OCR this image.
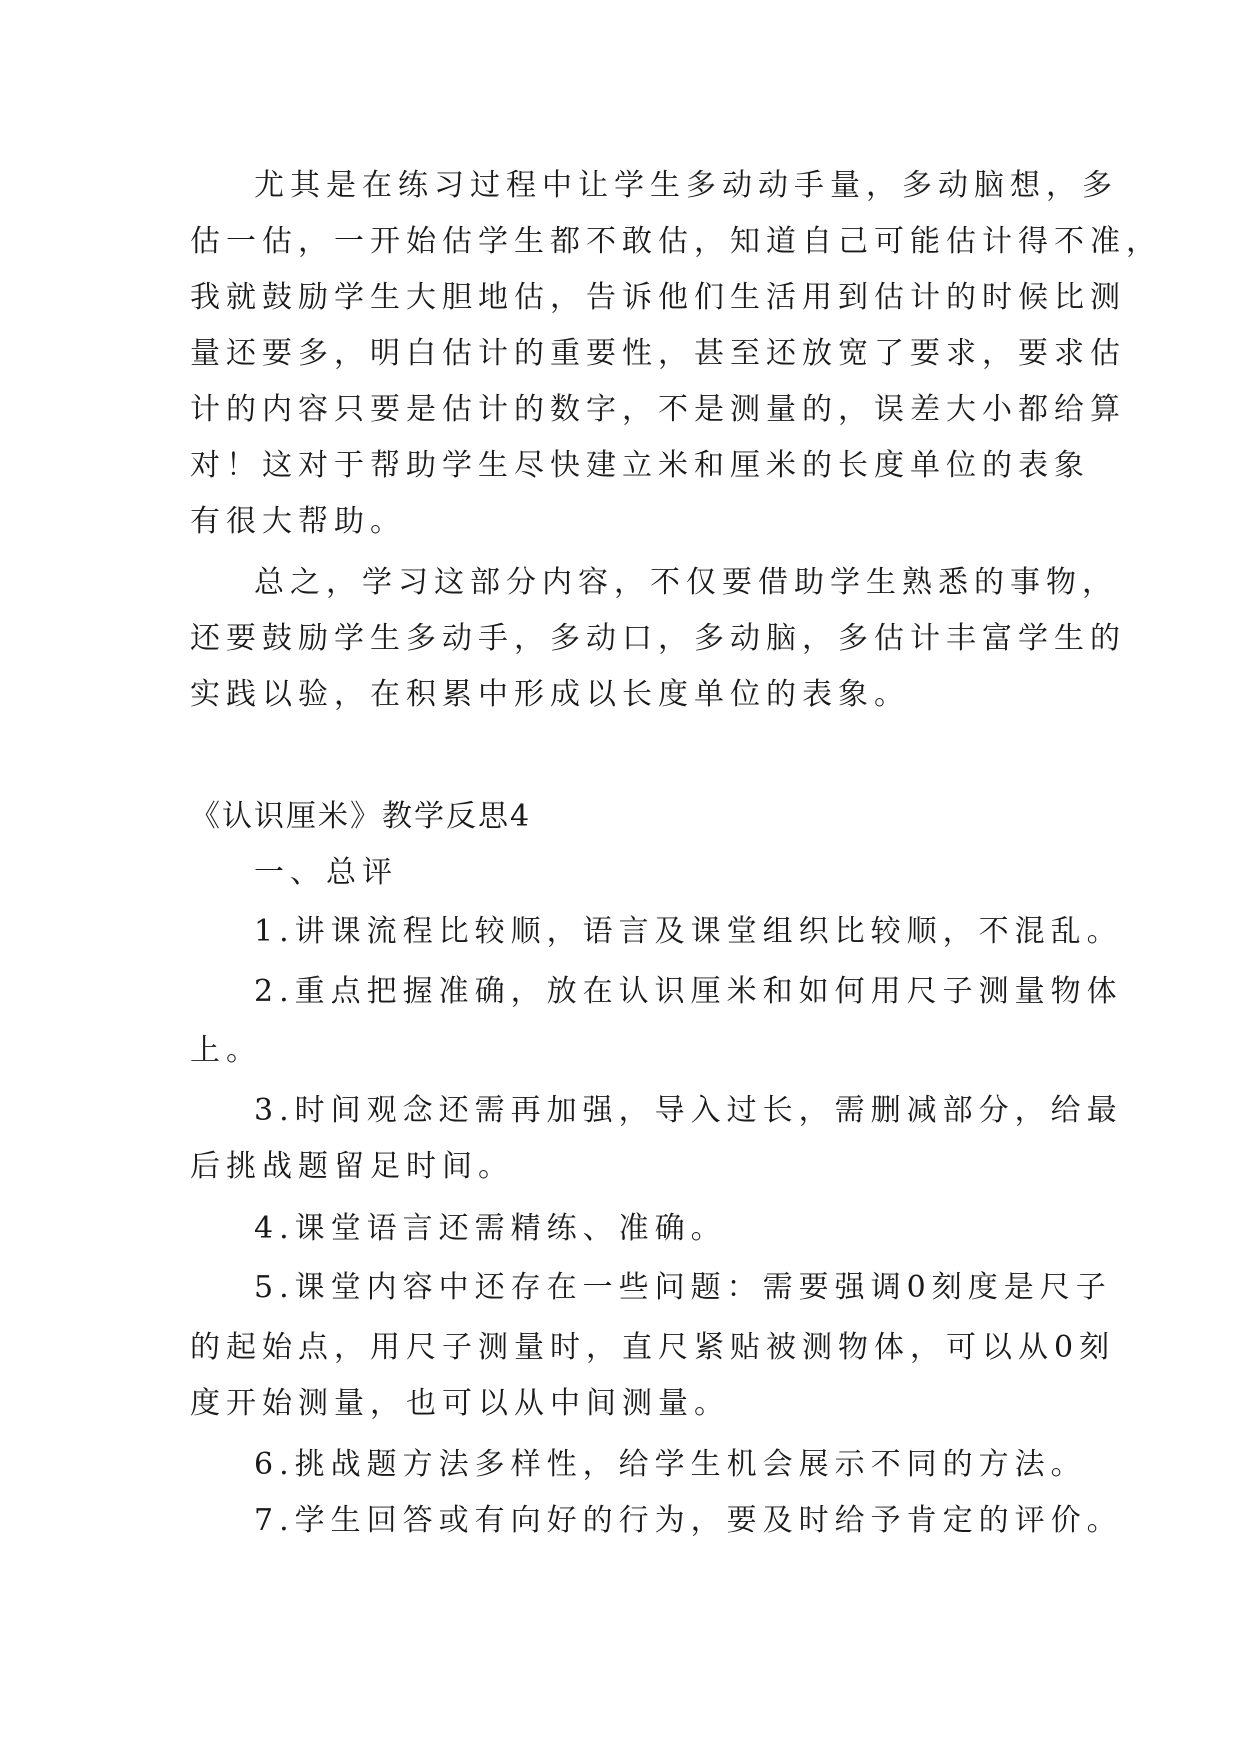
尤其是在练习过程中让学生多动动手量，多动脑想，多
估一估，一开始估学生都不敢估，知道自己可能估计得不准，
我就鼓励学生大胆地估，告诉他们生活用到估计的时候比测
量还要多，明白估计的重要性，甚至还放宽了要求，要求估
计的内容只要是估计的数字，不是测量的，误差大小都给算
对！这对于帮助学生尽快建立米和厘米的长度单位的表象
有很大帮助。
总之，学习这部分内容，不仅要借助学生熟悉的事物，
还要鼓励学生多动手，多动口，多动脑，多估计丰富学生的
实践以验，在积累中形成以长度单位的表象。
《认识厘米》教学反思4
一、总评
1.讲课流程比较顺，语言及课堂组织比较顺，不混乱。
2.重点把握准确，放在认识厘米和如何用尺子测量物体
上。
3.时间观念还需再加强，导入过长，需删减部分，给最
后挑战题留足时间。
4.课堂语言还需精练、准确。
5.课堂内容中还存在一些问题：需要强调0刻度是尺子
的起始点，用尺子测量时，直尺紧贴被测物体，可以从0刻
度开始测量，也可以从中间测量。
6.挑战题方法多样性，给学生机会展示不同的方法。
7.学生回答或有向好的行为，要及时给予肯定的评价。
